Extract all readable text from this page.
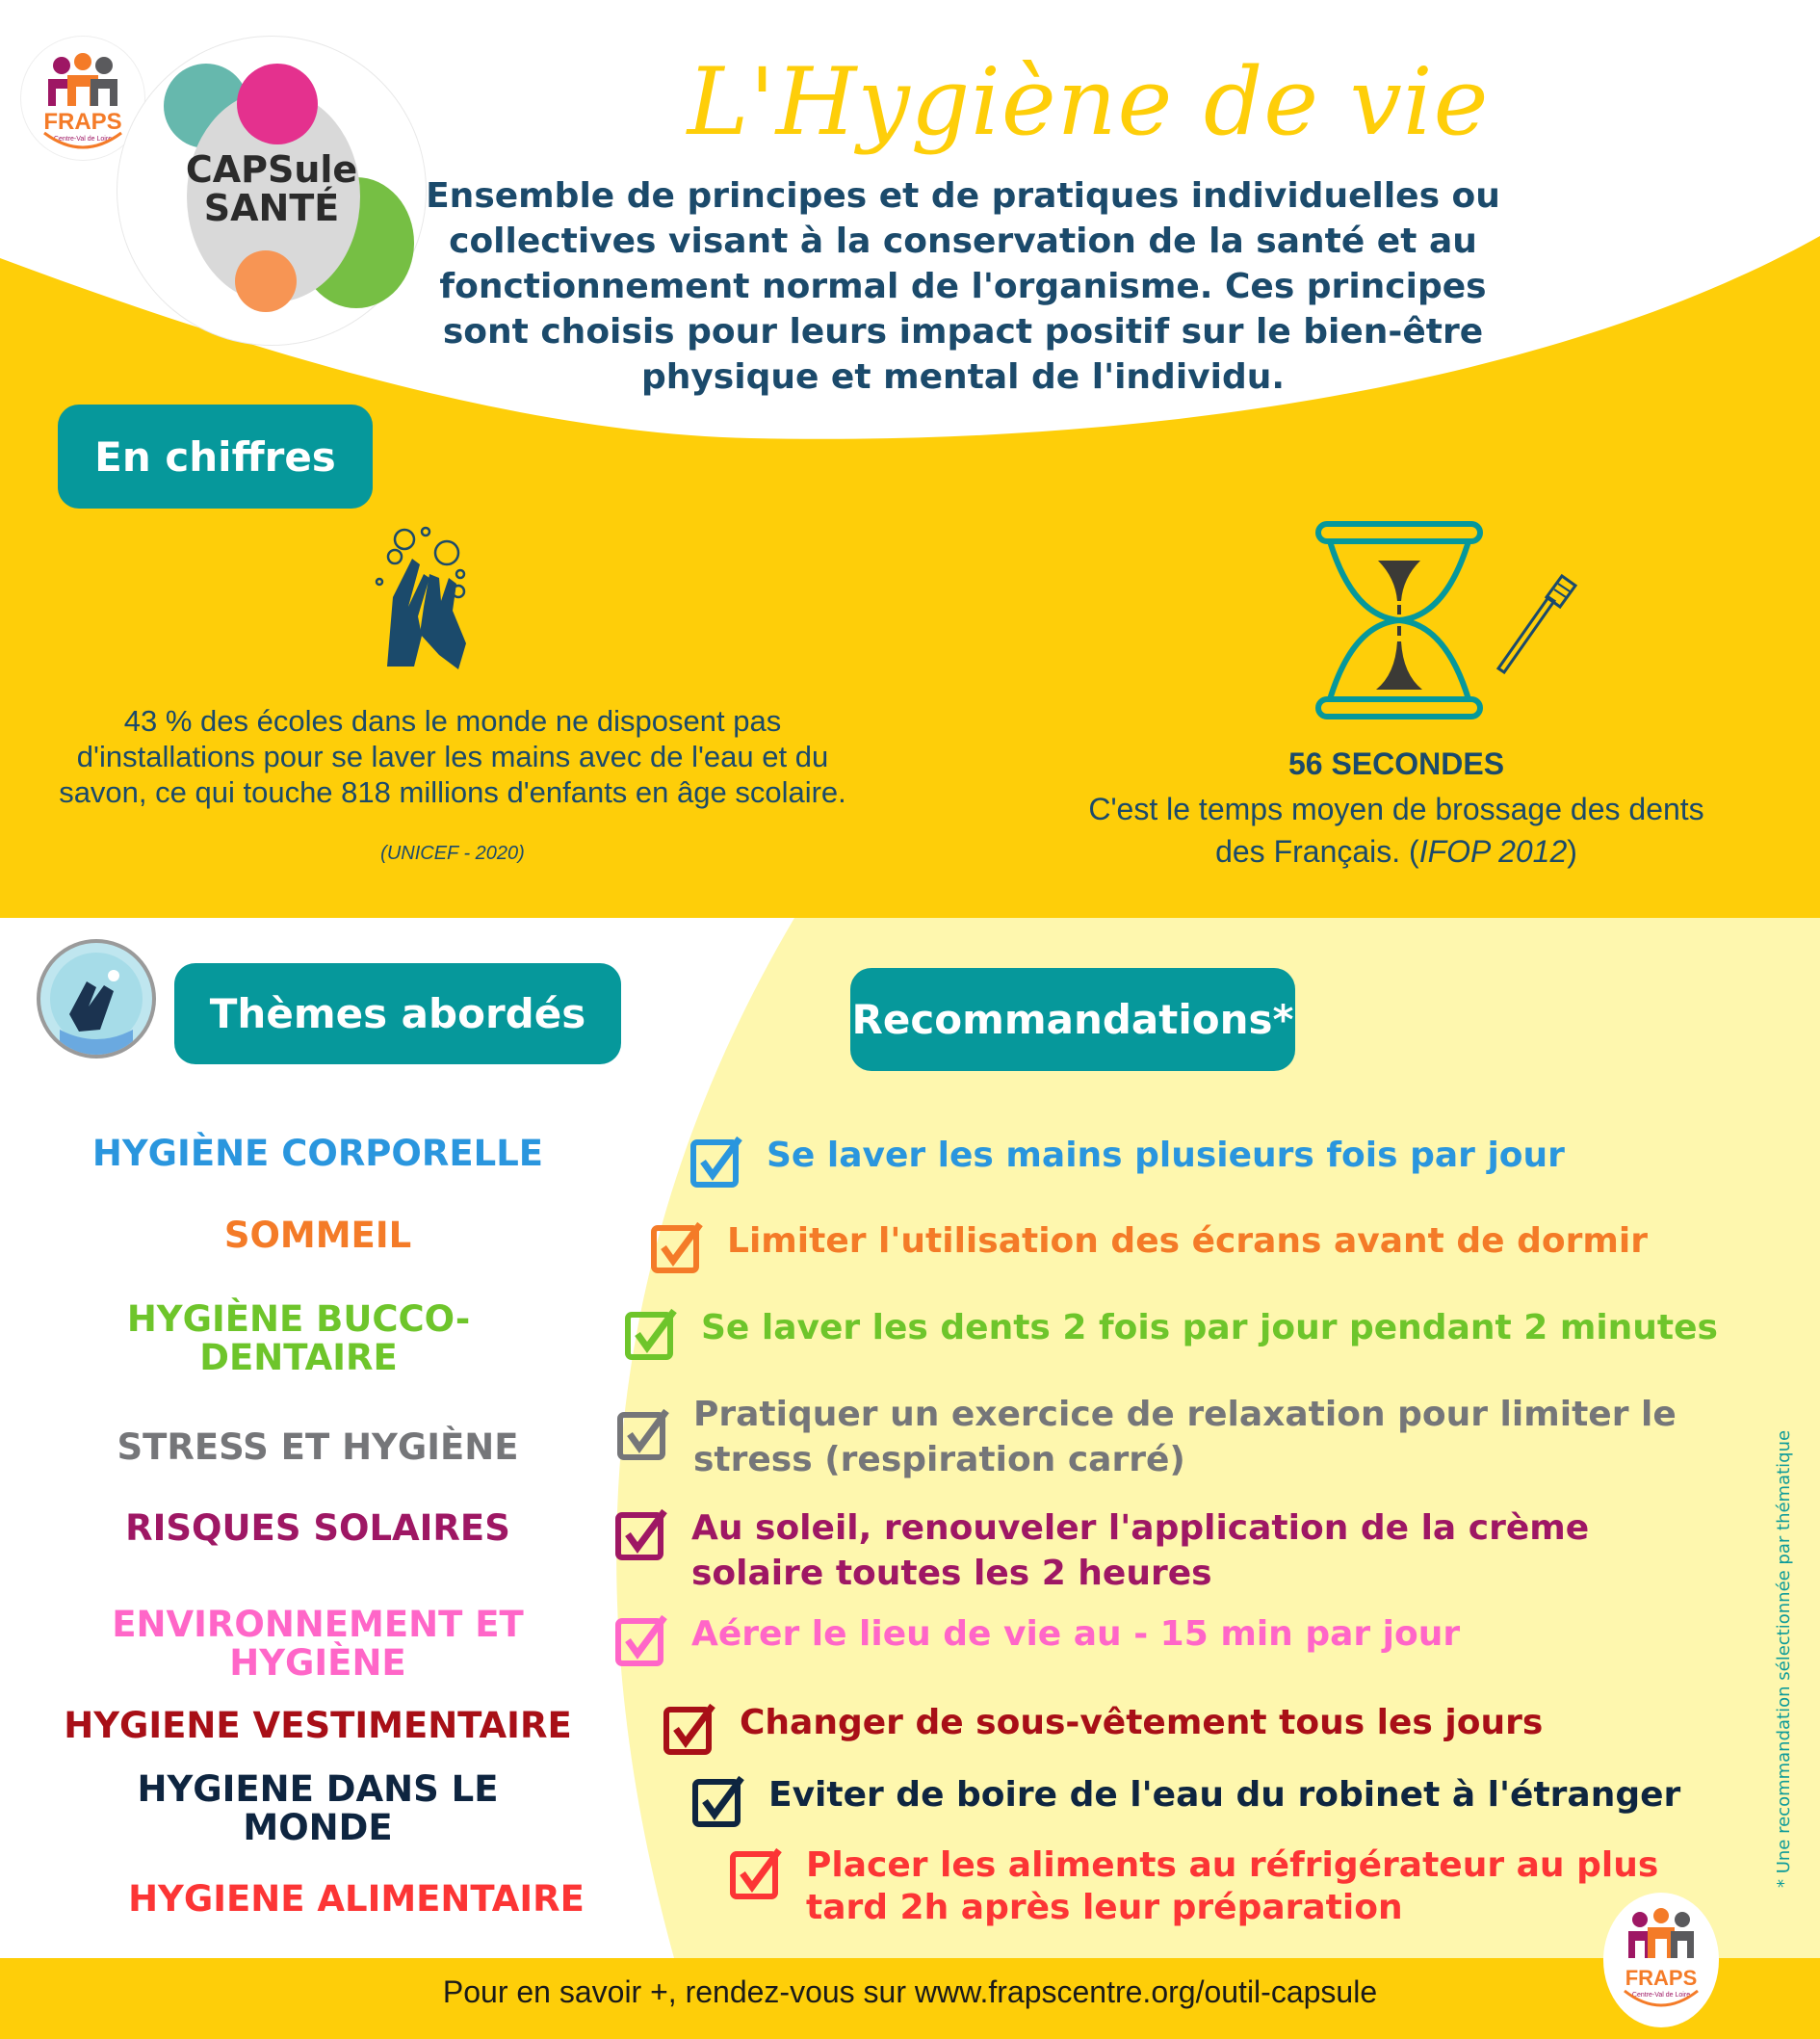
FRAPS
Centre-Val de Loire
CAPSule
SANTÉ
L'Hygiène de vie
Ensemble de principes et de pratiques individuelles ou collectives visant à la conservation de la santé et au fonctionnement normal de l'organisme. Ces principes sont choisis pour leurs impact positif sur le bien-être physique et mental de l'individu.
En chiffres
43 % des écoles dans le monde ne disposent pas d'installations pour se laver les mains avec de l'eau et du savon, ce qui touche 818 millions d'enfants en âge scolaire.
(UNICEF - 2020)
56 SECONDES
C'est le temps moyen de brossage des dents
des Français. (IFOP 2012)
Thèmes abordés	Recommandations*
HYGIÈNE CORPORELLE
SOMMEIL
HYGIÈNE BUCCO-
DENTAIRE
STRESS ET HYGIÈNE
RISQUES SOLAIRES
ENVIRONNEMENT ET
HYGIÈNE
HYGIENE VESTIMENTAIRE
HYGIENE DANS LE
MONDE
HYGIENE ALIMENTAIRE
Se laver les mains plusieurs fois par jour
Limiter l'utilisation des écrans avant de dormir
Se laver les dents 2 fois par jour pendant 2 minutes
Pratiquer un exercice de relaxation pour limiter le stress (respiration carré)
Au soleil, renouveler l'application de la crème solaire toutes les 2 heures
Aérer le lieu de vie au - 15 min par jour
Changer de sous-vêtement tous les jours
Eviter de boire de l'eau du robinet à l'étranger
Placer les aliments au réfrigérateur au plus tard 2h après leur préparation
* Une recommandation sélectionnée par thématique
Pour en savoir +, rendez-vous sur www.frapscentre.org/outil-capsule	FRAPS
Centre-Val de Loire
